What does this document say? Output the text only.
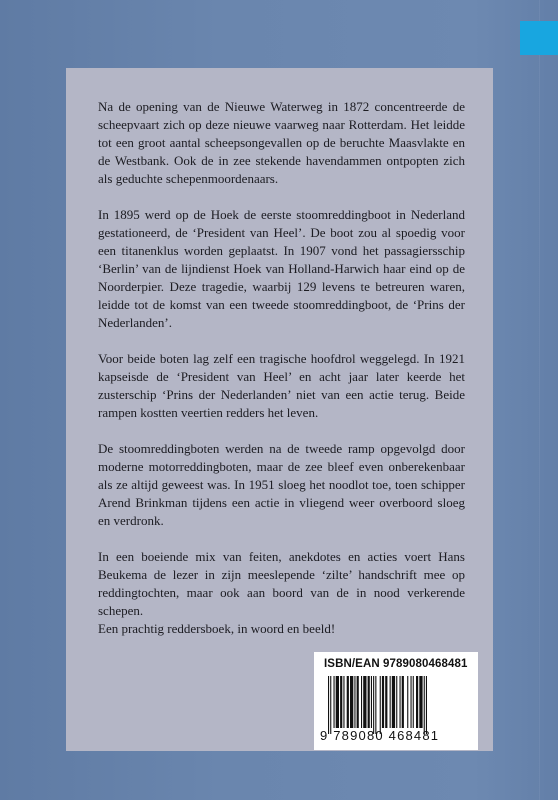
Na de opening van de Nieuwe Waterweg in 1872 concentreerde de scheepvaart zich op deze nieuwe vaarweg naar Rotterdam. Het leidde tot een groot aantal scheepsongevallen op de beruchte Maasvlakte en de Westbank. Ook de in zee stekende havendammen ontpopten zich als geduchte schepenmoordenaars.

In 1895 werd op de Hoek de eerste stoomreddingboot in Nederland gestationeerd, de ‘President van Heel’. De boot zou al spoedig voor een titanenklus worden geplaatst. In 1907 vond het passagiersschip ‘Berlin’ van de lijndienst Hoek van Holland-Harwich haar eind op de Noorderpier. Deze tragedie, waarbij 129 levens te betreuren waren, leidde tot de komst van een tweede stoomreddingboot, de ‘Prins der Nederlanden’.

Voor beide boten lag zelf een tragische hoofdrol weggelegd. In 1921 kapseisde de ‘President van Heel’ en acht jaar later keerde het zusterschip ‘Prins der Nederlanden’ niet van een actie terug. Beide rampen kostten veertien redders het leven.

De stoomreddingboten werden na de tweede ramp opgevolgd door moderne motorreddingboten, maar de zee bleef even onberekenbaar als ze altijd geweest was. In 1951 sloeg het noodlot toe, toen schipper Arend Brinkman tijdens een actie in vliegend weer overboord sloeg en verdronk.

In een boeiende mix van feiten, anekdotes en acties voert Hans Beukema de lezer in zijn meeslepende ‘zilte’ handschrift mee op reddingtochten, maar ook aan boord van de in nood verkerende schepen.

Een prachtig reddersboek, in woord en beeld!

ISBN/EAN 9789080468481
9 789080 468481
